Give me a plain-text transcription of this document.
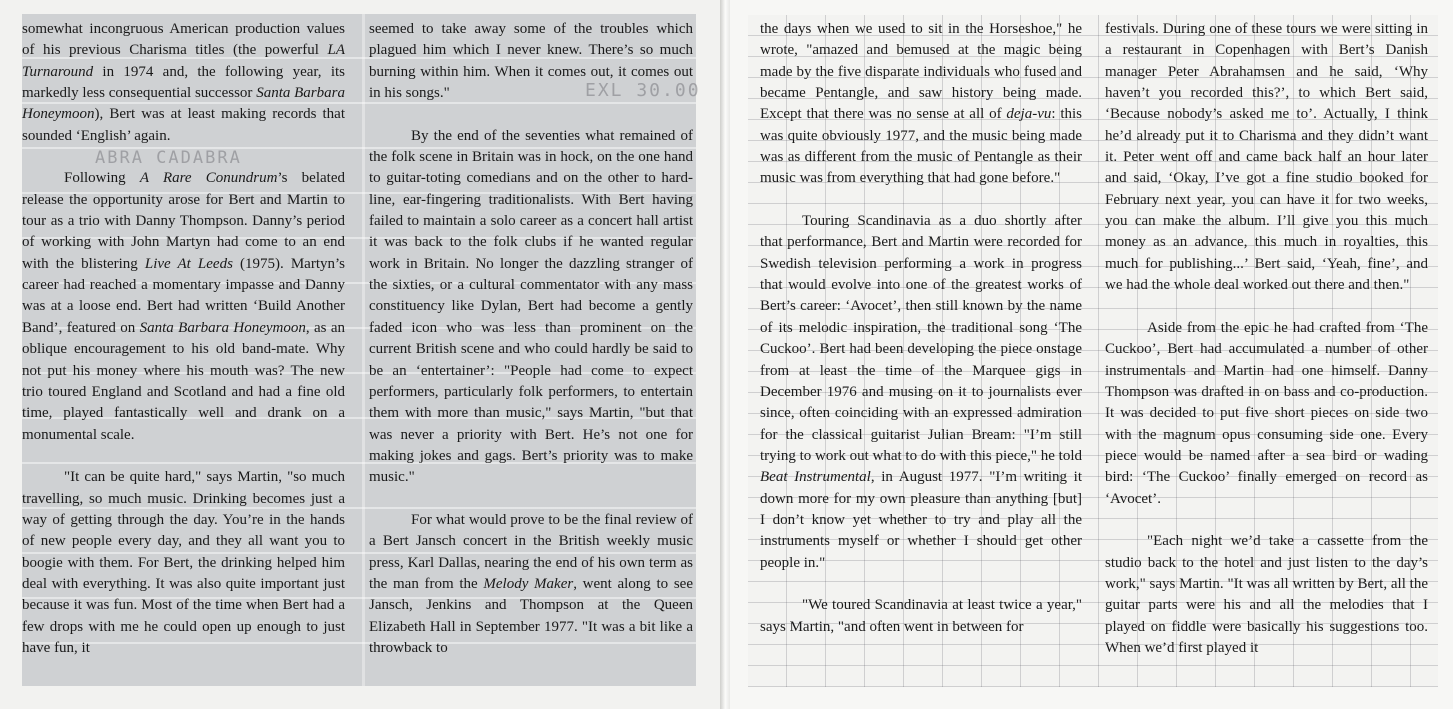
EXL 30.00
ABRA CADABRA

somewhat incongruous American production values of his previous Charisma titles (the powerful LA Turnaround in 1974 and, the following year, its markedly less consequential successor Santa Barbara Honeymoon), Bert was at least making records that sounded ‘English’ again.

Following A Rare Conundrum’s belated release the opportunity arose for Bert and Martin to tour as a trio with Danny Thompson. Danny’s period of working with John Martyn had come to an end with the blistering Live At Leeds (1975). Martyn’s career had reached a momentary impasse and Danny was at a loose end. Bert had written ‘Build Another Band’, featured on Santa Barbara Honeymoon, as an oblique encouragement to his old band-mate. Why not put his money where his mouth was? The new trio toured England and Scotland and had a fine old time, played fantastically well and drank on a monumental scale.

"It can be quite hard," says Martin, "so much travelling, so much music. Drinking becomes just a way of getting through the day. You’re in the hands of new people every day, and they all want you to boogie with them. For Bert, the drinking helped him deal with everything. It was also quite important just because it was fun. Most of the time when Bert had a few drops with me he could open up enough to just have fun, it

seemed to take away some of the troubles which plagued him which I never knew. There’s so much burning within him. When it comes out, it comes out in his songs."

By the end of the seventies what remained of the folk scene in Britain was in hock, on the one hand to guitar-toting comedians and on the other to hard-line, ear-fingering traditionalists. With Bert having failed to maintain a solo career as a concert hall artist it was back to the folk clubs if he wanted regular work in Britain. No longer the dazzling stranger of the sixties, or a cultural commentator with any mass constituency like Dylan, Bert had become a gently faded icon who was less than prominent on the current British scene and who could hardly be said to be an ‘entertainer’: "People had come to expect performers, particularly folk performers, to entertain them with more than music," says Martin, "but that was never a priority with Bert. He’s not one for making jokes and gags. Bert’s priority was to make music."

For what would prove to be the final review of a Bert Jansch concert in the British weekly music press, Karl Dallas, nearing the end of his own term as the man from the Melody Maker, went along to see Jansch, Jenkins and Thompson at the Queen Elizabeth Hall in September 1977. "It was a bit like a throwback to

the days when we used to sit in the Horseshoe," he wrote, "amazed and bemused at the magic being made by the five disparate individuals who fused and became Pentangle, and saw history being made. Except that there was no sense at all of deja-vu: this was quite obviously 1977, and the music being made was as different from the music of Pentangle as their music was from everything that had gone before."

Touring Scandinavia as a duo shortly after that performance, Bert and Martin were recorded for Swedish television performing a work in progress that would evolve into one of the greatest works of Bert’s career: ‘Avocet’, then still known by the name of its melodic inspiration, the traditional song ‘The Cuckoo’. Bert had been developing the piece onstage from at least the time of the Marquee gigs in December 1976 and musing on it to journalists ever since, often coinciding with an expressed admiration for the classical guitarist Julian Bream: "I’m still trying to work out what to do with this piece," he told Beat Instrumental, in August 1977. "I’m writing it down more for my own pleasure than anything [but] I don’t know yet whether to try and play all the instruments myself or whether I should get other people in."

"We toured Scandinavia at least twice a year," says Martin, "and often went in between for

festivals. During one of these tours we were sitting in a restaurant in Copenhagen with Bert’s Danish manager Peter Abrahamsen and he said, ‘Why haven’t you recorded this?’, to which Bert said, ‘Because nobody’s asked me to’. Actually, I think he’d already put it to Charisma and they didn’t want it. Peter went off and came back half an hour later and said, ‘Okay, I’ve got a fine studio booked for February next year, you can have it for two weeks, you can make the album. I’ll give you this much money as an advance, this much in royalties, this much for publishing...’ Bert said, ‘Yeah, fine’, and we had the whole deal worked out there and then."

Aside from the epic he had crafted from ‘The Cuckoo’, Bert had accumulated a number of other instrumentals and Martin had one himself. Danny Thompson was drafted in on bass and co-production. It was decided to put five short pieces on side two with the magnum opus consuming side one. Every piece would be named after a sea bird or wading bird: ‘The Cuckoo’ finally emerged on record as ‘Avocet’.

"Each night we’d take a cassette from the studio back to the hotel and just listen to the day’s work," says Martin. "It was all written by Bert, all the guitar parts were his and all the melodies that I played on fiddle were basically his suggestions too. When we’d first played it
